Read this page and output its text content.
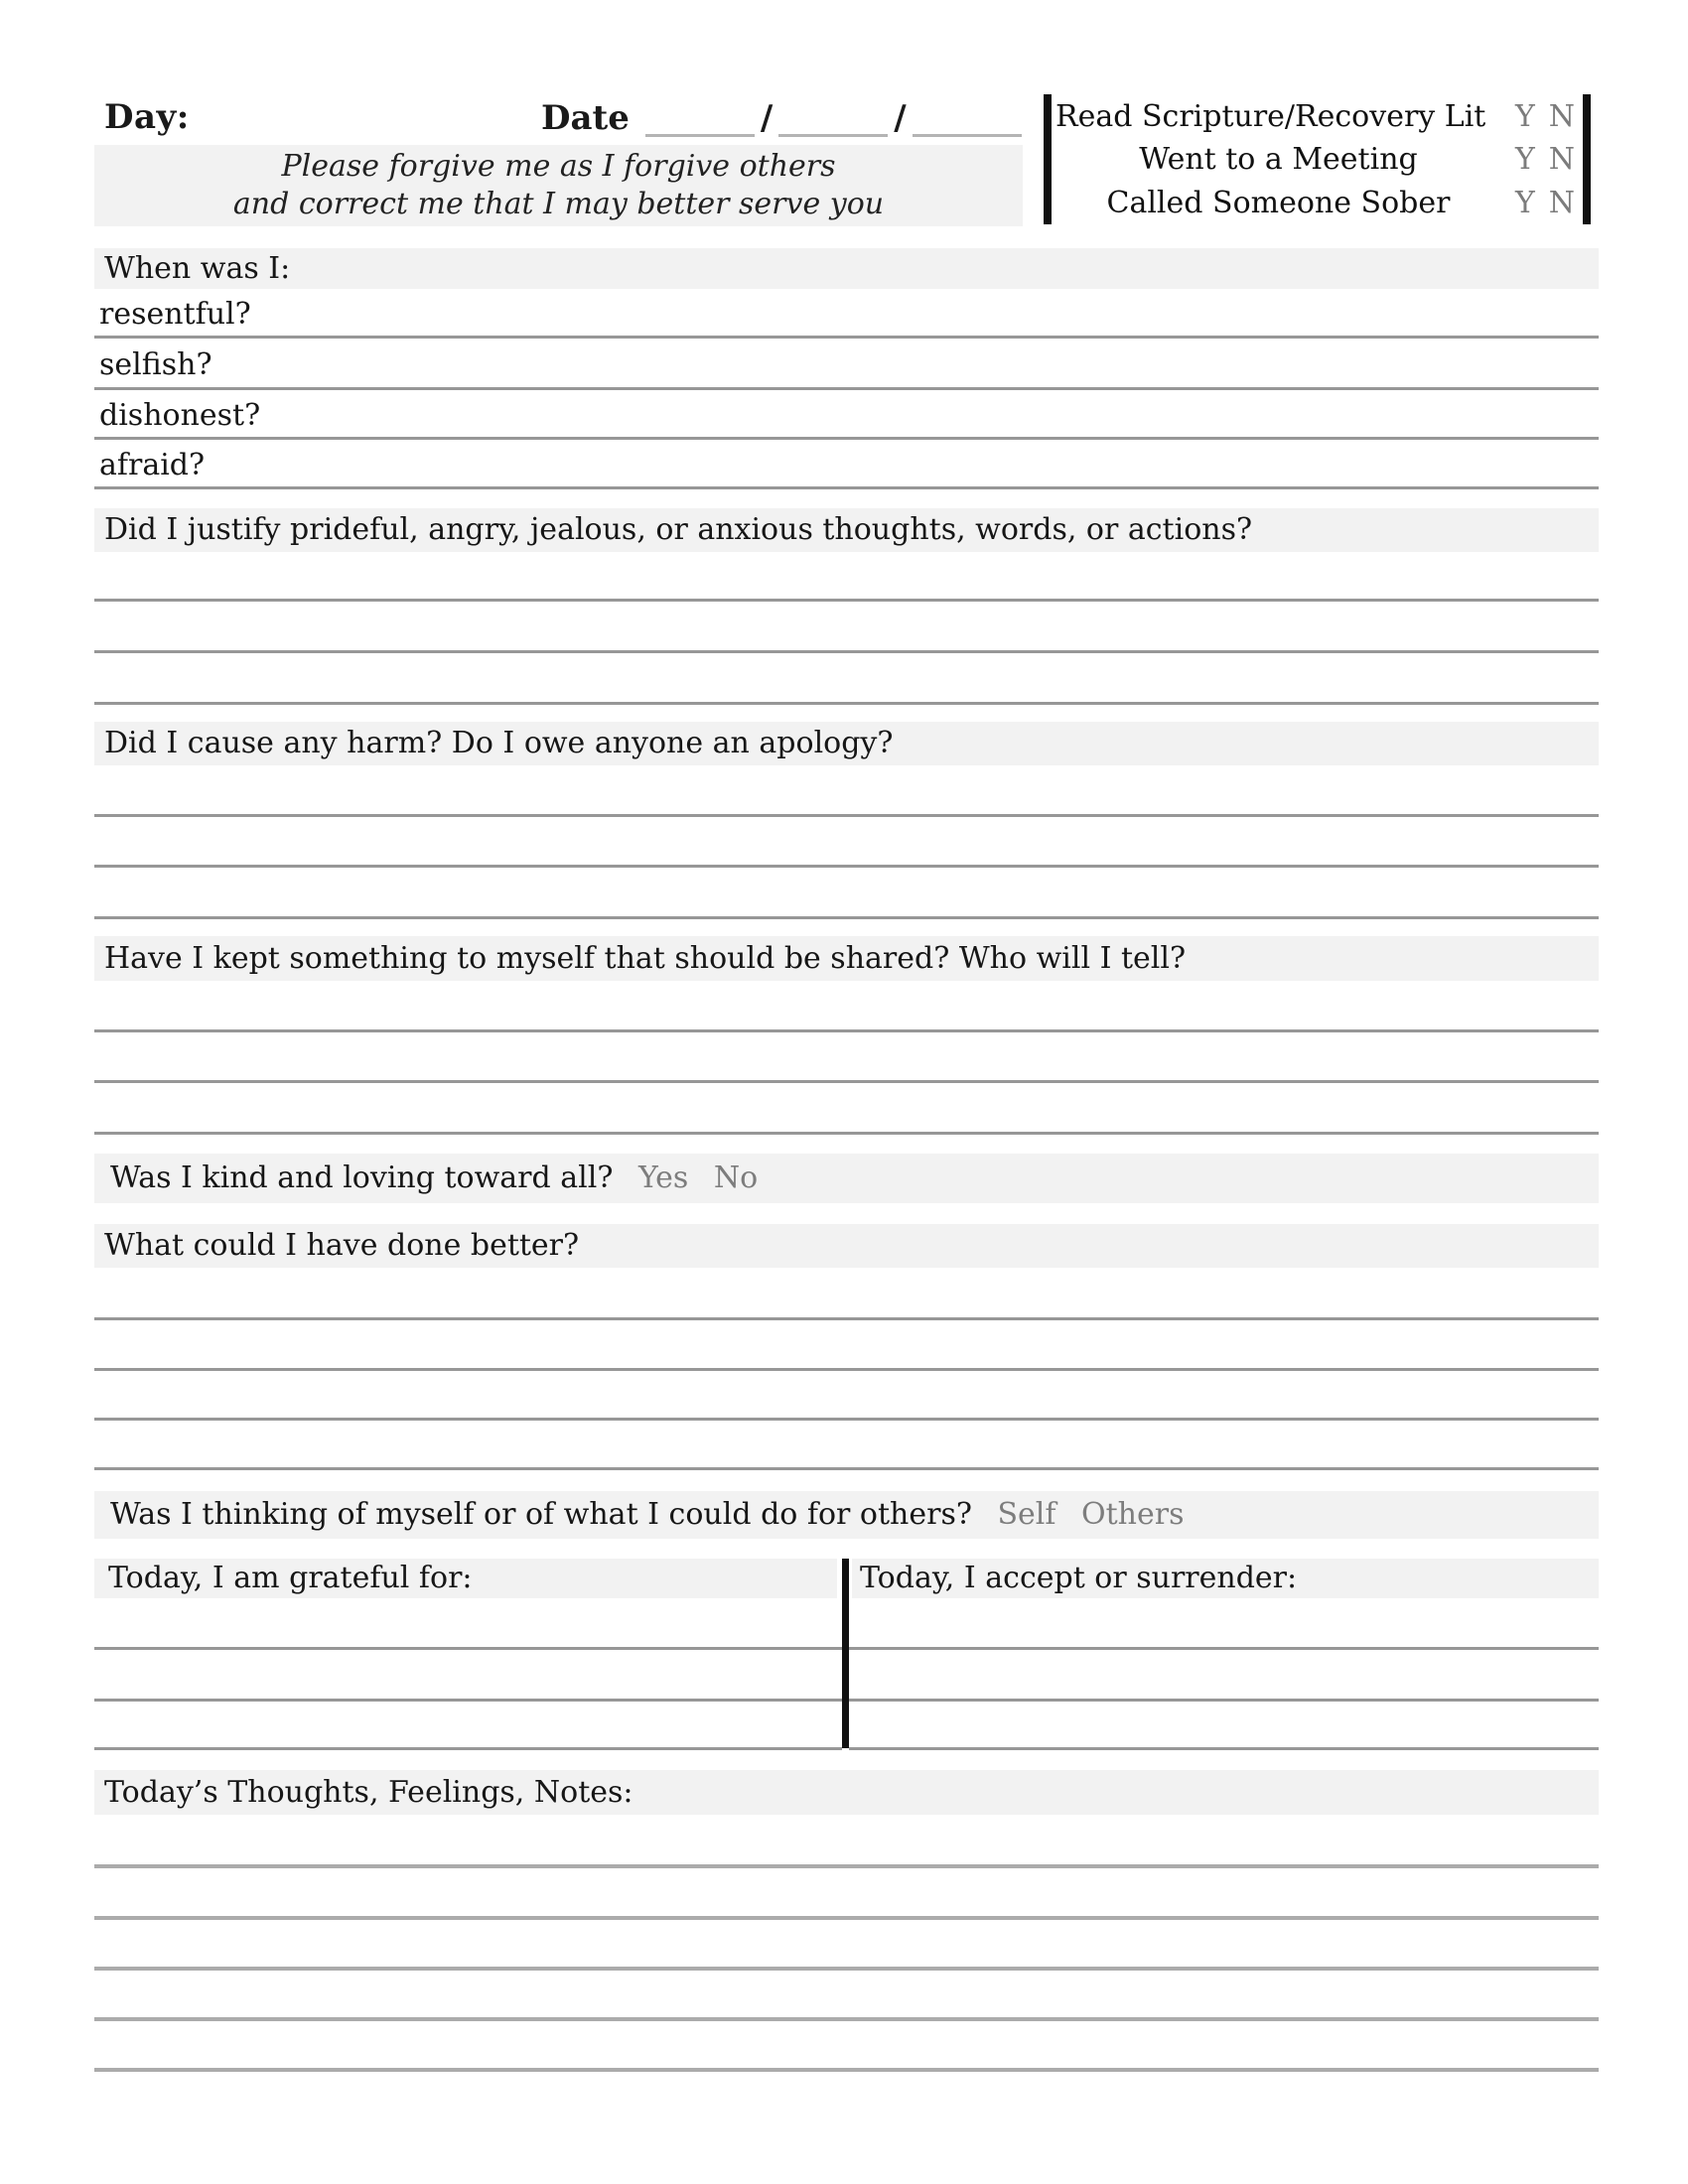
Day:	Date	/	/
Please forgive me as I forgive others
and correct me that I may better serve you
Read Scripture/Recovery Lit Y N
Went to a Meeting	Y N
Called Someone Sober	Y N
When was I:
resentful?
selfish?
dishonest?
afraid?
Did I justify prideful, angry, jealous, or anxious thoughts, words, or actions?
Did I cause any harm? Do I owe anyone an apology?
Have I kept something to myself that should be shared? Who will I tell?
Was I kind and loving toward all? Yes No
What could I have done better?
Was I thinking of myself or of what I could do for others? Self Others
Today, I am grateful for:	Today, I accept or surrender:
Today’s Thoughts, Feelings, Notes:
